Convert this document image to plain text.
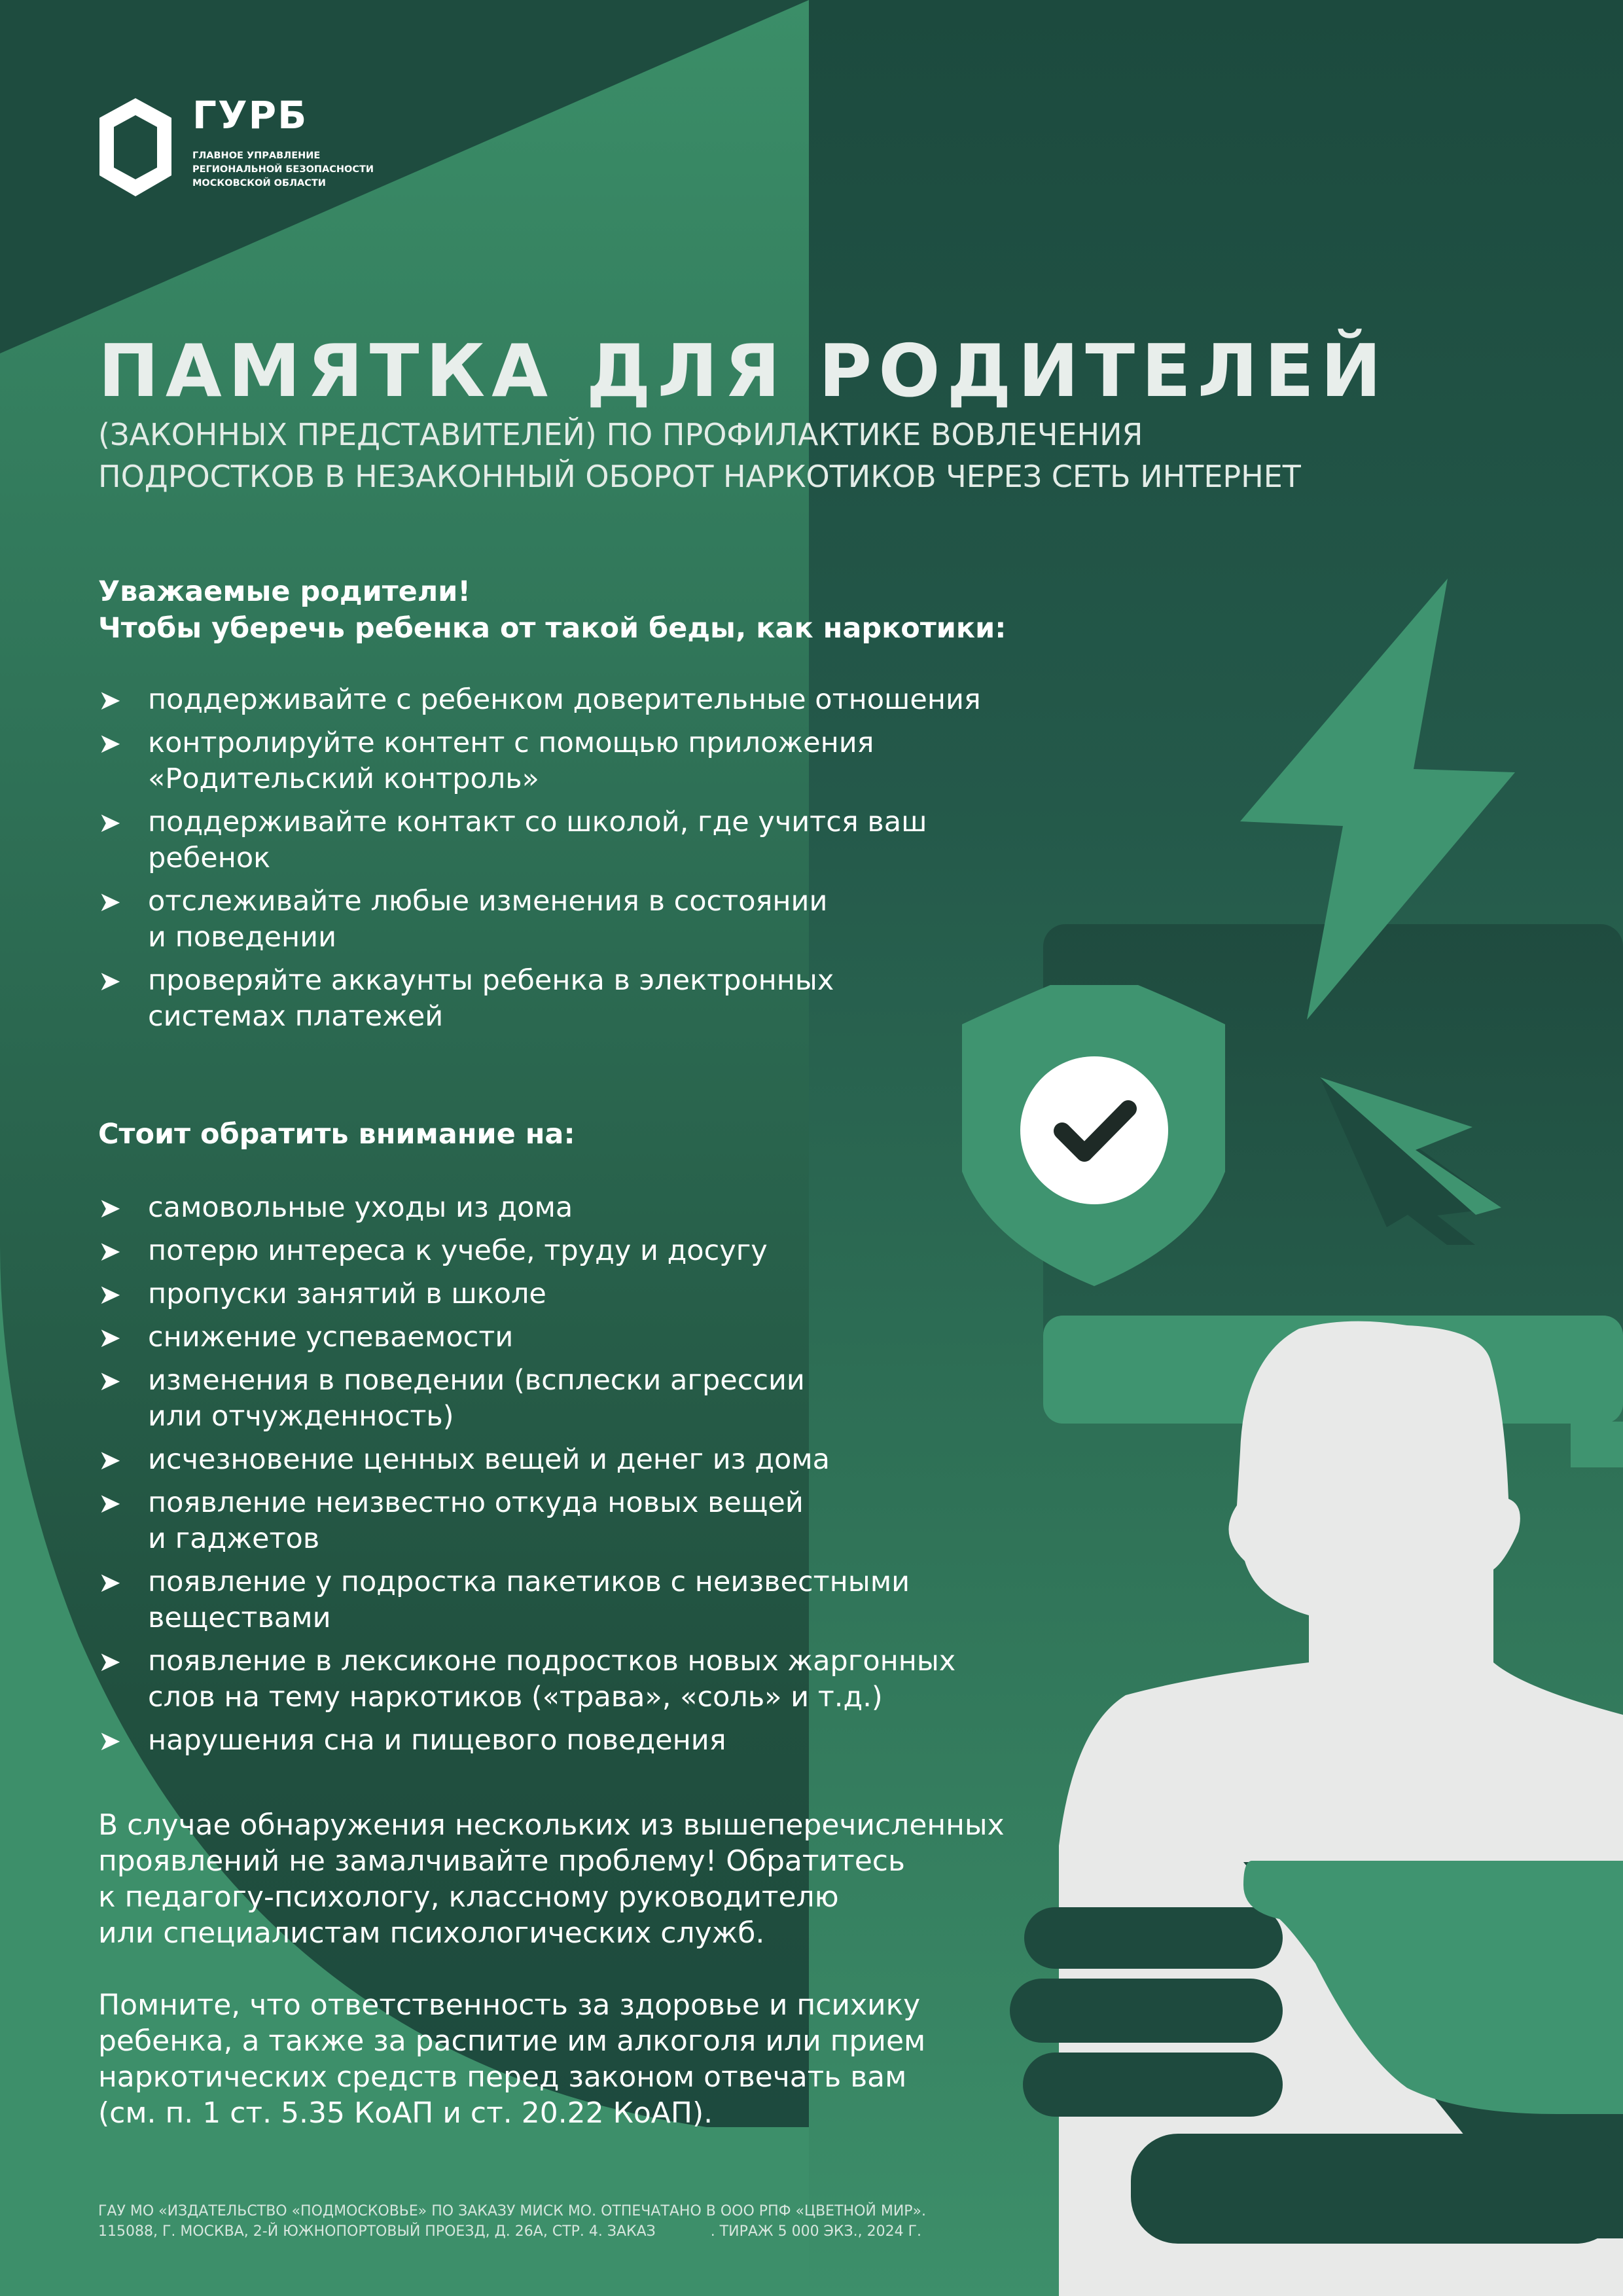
ГУРБ
ГЛАВНОЕ УПРАВЛЕНИЕ
РЕГИОНАЛЬНОЙ БЕЗОПАСНОСТИ
МОСКОВСКОЙ ОБЛАСТИ
ПАМЯТКА ДЛЯ РОДИТЕЛЕЙ
(ЗАКОННЫХ ПРЕДСТАВИТЕЛЕЙ) ПО ПРОФИЛАКТИКЕ ВОВЛЕЧЕНИЯ
ПОДРОСТКОВ В НЕЗАКОННЫЙ ОБОРОТ НАРКОТИКОВ ЧЕРЕЗ СЕТЬ ИНТЕРНЕТ
Уважаемые родители!
Чтобы уберечь ребенка от такой беды, как наркотики:
➤ поддерживайте с ребенком доверительные отношения
➤ контролируйте контент с помощью приложения
«Родительский контроль»
➤ поддерживайте контакт со школой, где учится ваш
ребенок
➤ отслеживайте любые изменения в состоянии
и поведении
➤ проверяйте аккаунты ребенка в электронных
системах платежей
Стоит обратить внимание на:
➤ самовольные уходы из дома
➤ потерю интереса к учебе, труду и досугу
➤ пропуски занятий в школе
➤ снижение успеваемости
➤ изменения в поведении (всплески агрессии
или отчужденность)
➤ исчезновение ценных вещей и денег из дома
➤ появление неизвестно откуда новых вещей
и гаджетов
➤ появление у подростка пакетиков с неизвестными
веществами
➤ появление в лексиконе подростков новых жаргонных
слов на тему наркотиков («трава», «соль» и т.д.)
➤ нарушения сна и пищевого поведения
В случае обнаружения нескольких из вышеперечисленных
проявлений не замалчивайте проблему! Обратитесь
к педагогу-психологу, классному руководителю
или специалистам психологических служб.
Помните, что ответственность за здоровье и психику
ребенка, а также за распитие им алкоголя или прием
наркотических средств перед законом отвечать вам
(см. п. 1 ст. 5.35 КоАП и ст. 20.22 КоАП).
ГАУ МО «ИЗДАТЕЛЬСТВО «ПОДМОСКОВЬЕ» ПО ЗАКАЗУ МИСК МО. ОТПЕЧАТАНО В ООО РПФ «ЦВЕТНОЙ МИР».
115088, Г. МОСКВА, 2-Й ЮЖНОПОРТОВЫЙ ПРОЕЗД, Д. 26А, СТР. 4. ЗАКАЗ            . ТИРАЖ 5 000 ЭКЗ., 2024 Г.
